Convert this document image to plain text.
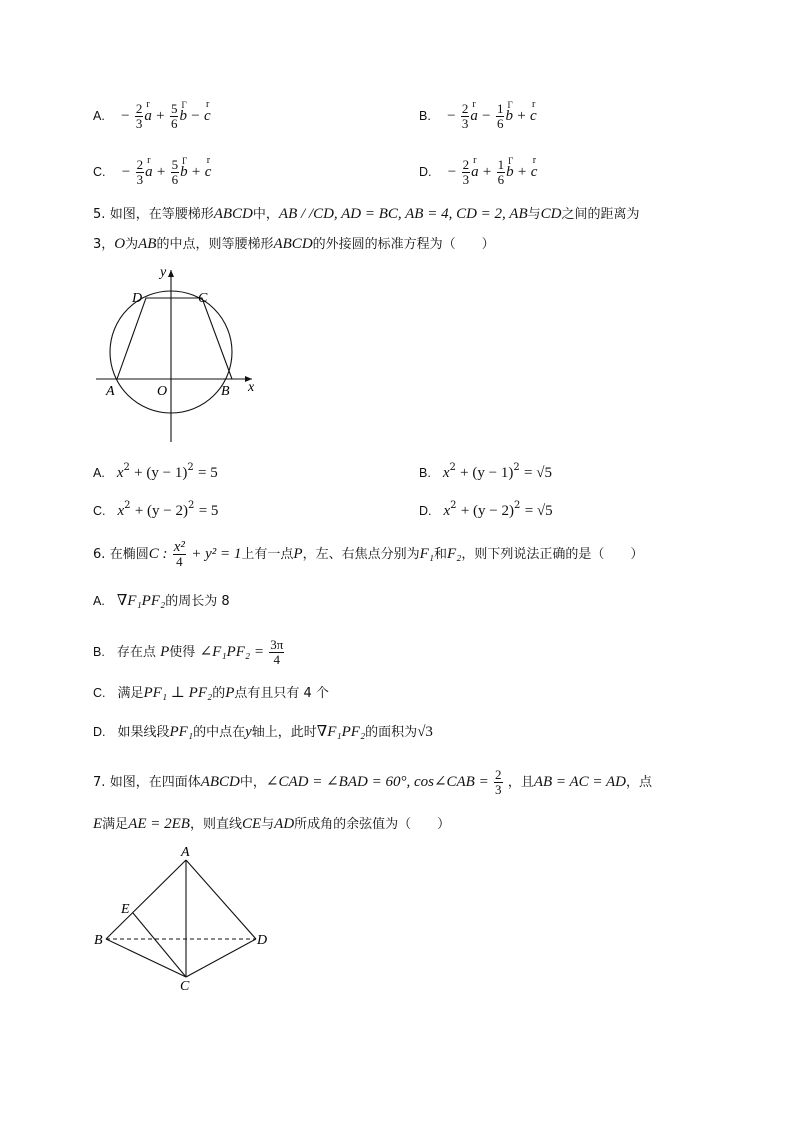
A. − $\frac{2}{3}$ r $a + \frac{5}{6}$ Γ b − r c	B. − $\frac{2}{3}$ r $a - \frac{1}{6}$ Γ b + r c
C. − $\frac{2}{3}$ r $a + \frac{5}{6}$ Γ b + r c	D. − $\frac{2}{3}$ r $a + \frac{1}{6}$ Γ b + r c
5. 如图，在等腰梯形ABCD中，AB / /CD, AD = BC, AB = 4, CD = 2, AB与CD之间的距离为
3，O为AB的中点，则等腰梯形ABCD的外接圆的标准方程为（　　）
y
x
D	C
A	O	B
A. $x^2 + (y - 1)^2 = 5$	B. $x^2 + (y - 1)^2 = √5$
C. $x^2 + (y - 2)^2 = 5$	D. $x^2 + (y - 2)^2 = √5$
6. 在椭圆C : $\frac{\text{x²}}{4} + y^2 = 1$上有一点P，左、右焦点分别为F₁和F₂，则下列说法正确的是（　　）
A. ∇F₁PF₂的周长为 8
B. 存在点 P使得 ∠F₁PF₂ = $\frac{3\pi}{4}$
C. 满足PF₁ ⊥ PF₂的P点有且只有 4 个
D. 如果线段PF₁的中点在y轴上，此时∇F₁PF₂的面积为√3
7. 如图，在四面体ABCD中，∠CAD = ∠BAD = 60°, cos∠CAB = $\frac{2}{3}$ ，且AB = AC = AD，点
E满足AE = 2EB，则直线CE与AD所成角的余弦值为（　　）
A
E
B	D
C
